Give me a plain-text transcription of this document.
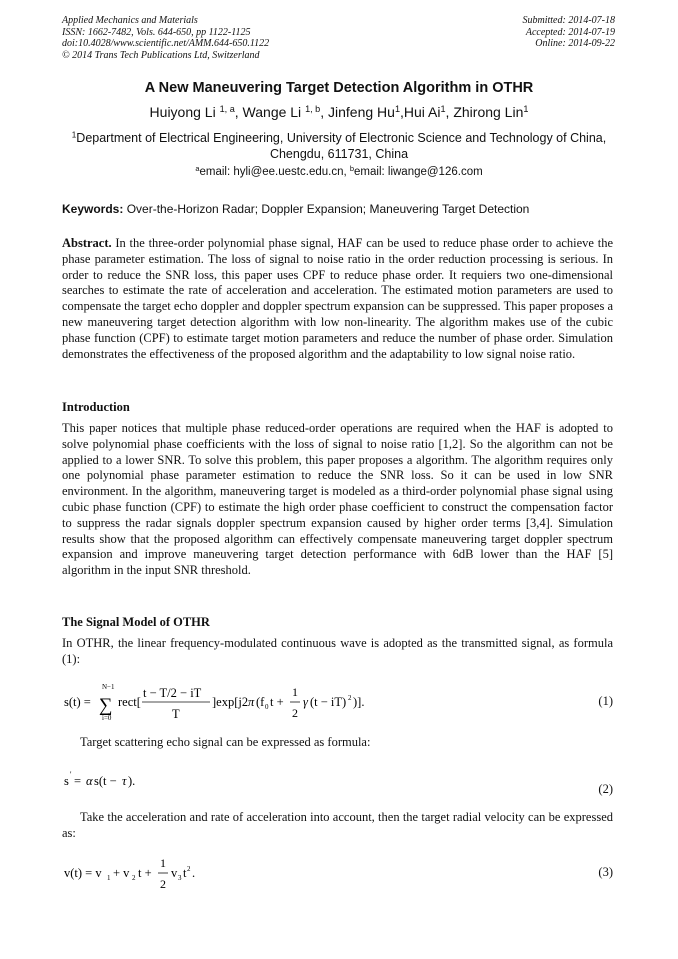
Applied Mechanics and Materials
ISSN: 1662-7482, Vols. 644-650, pp 1122-1125
doi:10.4028/www.scientific.net/AMM.644-650.1122
© 2014 Trans Tech Publications Ltd, Switzerland
Submitted: 2014-07-18
Accepted: 2014-07-19
Online: 2014-09-22
A New Maneuvering Target Detection Algorithm in OTHR
Huiyong Li $^{1, a}$, Wange Li $^{1, b}$, Jinfeng Hu$^1$,Hui Ai$^1$, Zhirong Lin$^1$
$^1$Department of Electrical Engineering, University of Electronic Science and Technology of China, Chengdu, 611731, China
$^a$email: hyli@ee.uestc.edu.cn, $^b$email: liwange@126.com
Keywords: Over-the-Horizon Radar; Doppler Expansion; Maneuvering Target Detection
Abstract. In the three-order polynomial phase signal, HAF can be used to reduce phase order to achieve the phase parameter estimation. The loss of signal to noise ratio in the order reduction processing is serious. In order to reduce the SNR loss, this paper uses CPF to reduce phase order. It requiers two one-dimensional searches to estimate the rate of acceleration and acceleration. The estimated motion parameters are used to compensate the target echo doppler and doppler spectrum expansion can be suppressed. This paper proposes a new maneuvering target detection algorithm with low non-linearity. The algorithm makes use of the cubic phase function (CPF) to estimate target motion parameters and reduce the number of phase order. Simulation demonstrates the effectiveness of the proposed algorithm and the adaptability to low signal noise ratio.
Introduction
This paper notices that multiple phase reduced-order operations are required when the HAF is adopted to solve polynomial phase coefficients with the loss of signal to noise ratio [1,2]. So the algorithm can not be applied to a lower SNR. To solve this problem, this paper proposes a algorithm. The algorithm requires only one polynomial phase parameter estimation to reduce the SNR loss. So it can be used in low SNR environment. In the algorithm, maneuvering target is modeled as a third-order polynomial phase signal using cubic phase function (CPF) to estimate the high order phase coefficient to construct the compensation factor to suppress the radar signals doppler spectrum expansion caused by higher order terms [3,4]. Simulation results show that the proposed algorithm can effectively compensate maneuvering target doppler spectrum expansion and improve maneuvering target detection performance with 6dB lower than the HAF [5] algorithm in the input SNR threshold.
The Signal Model of OTHR
In OTHR, the linear frequency-modulated continuous wave is adopted as the transmitted signal, as formula (1):
s(t) =
N−1
∑
i=0
rect[
t − T/2 − iT
T
]exp[j2 π (f 0 t +
1
2
γ (t − iT) 2 )].	(1)
Target scattering echo signal can be expressed as formula:
s ' = α s(t − τ ).
(2)
Take the acceleration and rate of acceleration into account, then the target radial velocity can be expressed as:
v(t) = v 1 + v 2 t +
1
2
v 3 t 2 .	(3)
